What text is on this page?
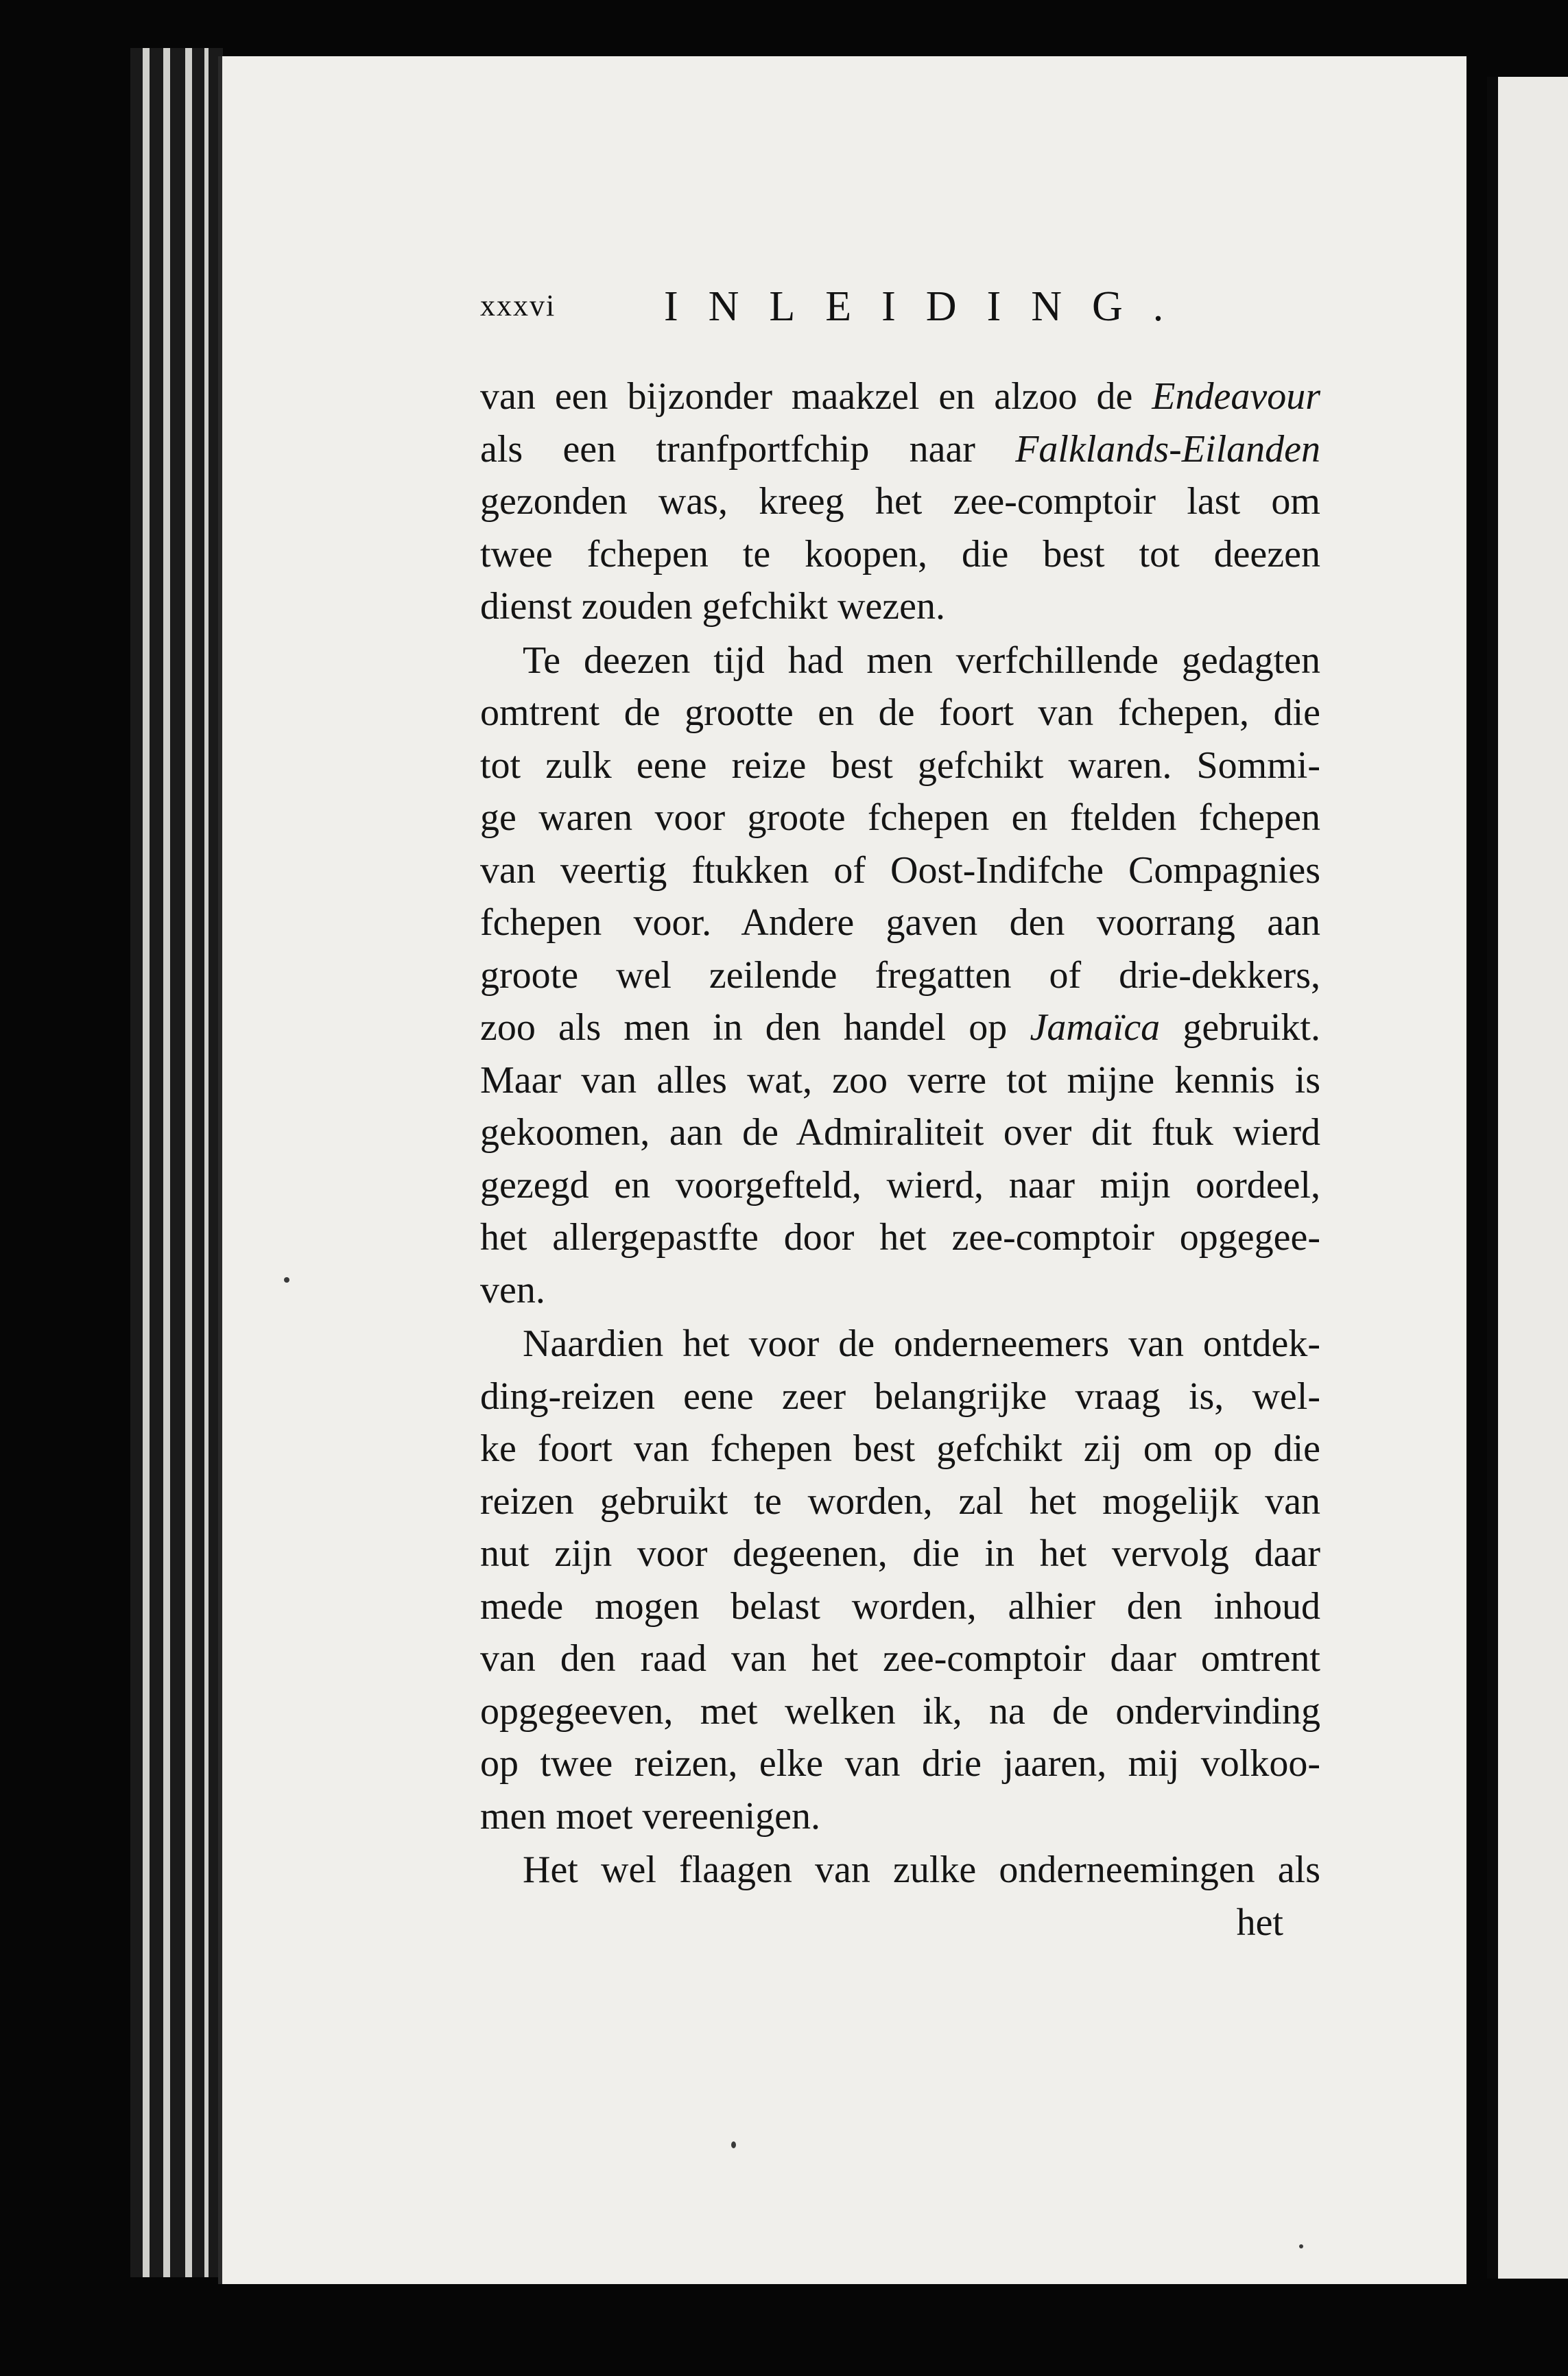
xxxvi	INLEIDING.
van een bijzonder maakzel en alzoo de Endeavour
als een tranfportfchip naar Falklands-Eilanden
gezonden was, kreeg het zee-comptoir last om
twee fchepen te koopen, die best tot deezen
dienst zouden gefchikt wezen.
Te deezen tijd had men verfchillende gedagten
omtrent de grootte en de foort van fchepen, die
tot zulk eene reize best gefchikt waren. Sommi-
ge waren voor groote fchepen en ftelden fchepen
van veertig ftukken of Oost-Indifche Compagnies
fchepen voor. Andere gaven den voorrang aan
groote wel zeilende fregatten of drie-dekkers,
zoo als men in den handel op Jamaïca gebruikt.
Maar van alles wat, zoo verre tot mijne kennis is
gekoomen, aan de Admiraliteit over dit ftuk wierd
gezegd en voorgefteld, wierd, naar mijn oordeel,
het allergepastfte door het zee-comptoir opgegee-
ven.
Naardien het voor de onderneemers van ontdek-
ding-reizen eene zeer belangrijke vraag is, wel-
ke foort van fchepen best gefchikt zij om op die
reizen gebruikt te worden, zal het mogelijk van
nut zijn voor degeenen, die in het vervolg daar
mede mogen belast worden, alhier den inhoud
van den raad van het zee-comptoir daar omtrent
opgegeeven, met welken ik, na de ondervinding
op twee reizen, elke van drie jaaren, mij volkoo-
men moet vereenigen.
Het wel flaagen van zulke onderneemingen als
het
